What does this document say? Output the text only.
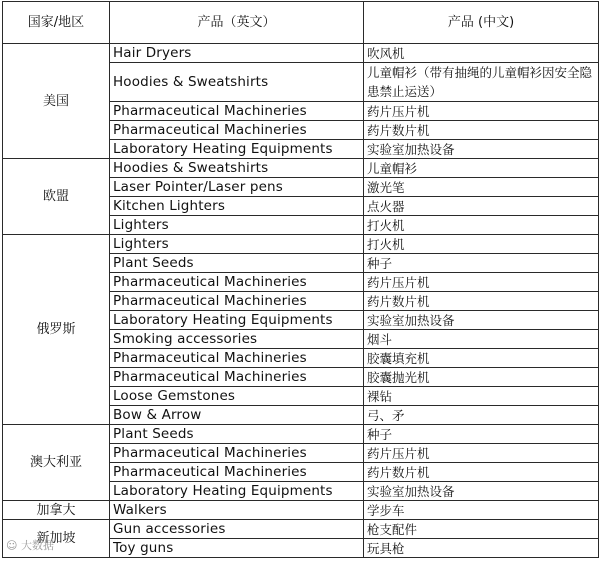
国家/地区	产品（英文）	产品 (中文)
美国	Hair Dryers	吹风机
	Hoodies & Sweatshirts	儿童帽衫（带有抽绳的儿童帽衫因安全隐患禁止运送）
	Pharmaceutical Machineries	药片压片机
	Pharmaceutical Machineries	药片数片机
	Laboratory Heating Equipments	实验室加热设备
欧盟	Hoodies & Sweatshirts	儿童帽衫
	Laser Pointer/Laser pens	激光笔
	Kitchen Lighters	点火器
	Lighters	打火机
俄罗斯	Lighters	打火机
	Plant Seeds	种子
	Pharmaceutical Machineries	药片压片机
	Pharmaceutical Machineries	药片数片机
	Laboratory Heating Equipments	实验室加热设备
	Smoking accessories	烟斗
	Pharmaceutical Machineries	胶囊填充机
	Pharmaceutical Machineries	胶囊抛光机
	Loose Gemstones	裸钻
	Bow & Arrow	弓、矛
澳大利亚	Plant Seeds	种子
	Pharmaceutical Machineries	药片压片机
	Pharmaceutical Machineries	药片数片机
	Laboratory Heating Equipments	实验室加热设备
加拿大	Walkers	学步车
新加坡	Gun accessories	枪支配件
	Toy guns	玩具枪
☺ 大数据
